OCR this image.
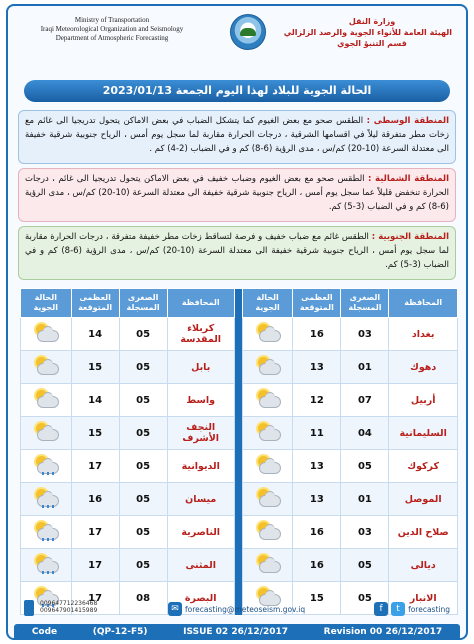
Ministry of Transportation
Iraqi Meteorological Organization and Seismology
Department of Atmospheric Forecasting
وزارة النقل
الهيئة العامة للأنواء الجوية والرصد الزلزالي
قسم التنبؤ الجوي
الحالة الجوية للبلاد لهذا اليوم الجمعة 2023/01/13
المنطقة الوسطى : الطقس صحو مع بعض الغيوم كما يتشكل الضباب في بعض الاماكن يتحول تدريجيا الى غائم مع زخات مطر متفرقة ليلاً في اقسامها الشرقية ، درجات الحرارة مقاربة لما سجل يوم أمس ، الرياح جنوبية شرقية خفيفة الى معتدلة السرعة (10-20) كم/س ، مدى الرؤية (6-8) كم و في الضباب (2-4) كم .
المنطقة الشمالية : الطقس صحو مع بعض الغيوم وضباب خفيف في بعض الاماكن يتحول تدريجيا الى غائم ، درجات الحرارة تنخفض قليلاً عما سجل يوم أمس ، الرياح جنوبية شرقية خفيفة الى معتدلة السرعة (10-20) كم/س ، مدى الرؤية (6-8) كم و في الضباب (3-5) كم.
المنطقة الجنوبية : الطقس غائم مع ضباب خفيف و فرصة لتساقط زخات مطر خفيفة متفرقة ، درجات الحرارة مقاربة لما سجل يوم أمس ، الرياح جنوبية شرقية خفيفة الى معتدلة السرعة (10-20) كم/س ، مدى الرؤية (6-8) كم و في الضباب (3-5) كم.
المحافظة	الصغرى المسجلة	العظمى المتوقعة	الحالة الجوية		المحافظة	الصغرى المسجلة	العظمى المتوقعة	الحالة الجوية
بغداد	03	16			كربلاء المقدسة	05	14	

دهوك	01	13			بابل	05	15	

أربيل	07	12			واسط	05	14	

السليمانية	04	11			النجف الأشرف	05	15	

كركوك	05	13			الديوانية	05	17	

الموصل	01	13			ميسان	05	16	

صلاح الدين	03	16			الناصرية	05	17	

ديالى	05	16			المثنى	05	17	

الانبار	05	15			البصرة	08	17	
009647712236468
009647901415989	✉ forecasting@meteoseism.gov.iq	f	t	forecasting
Code	(QP-12-F5)	ISSUE 02 26/12/2017	Revision 00 26/12/2017
